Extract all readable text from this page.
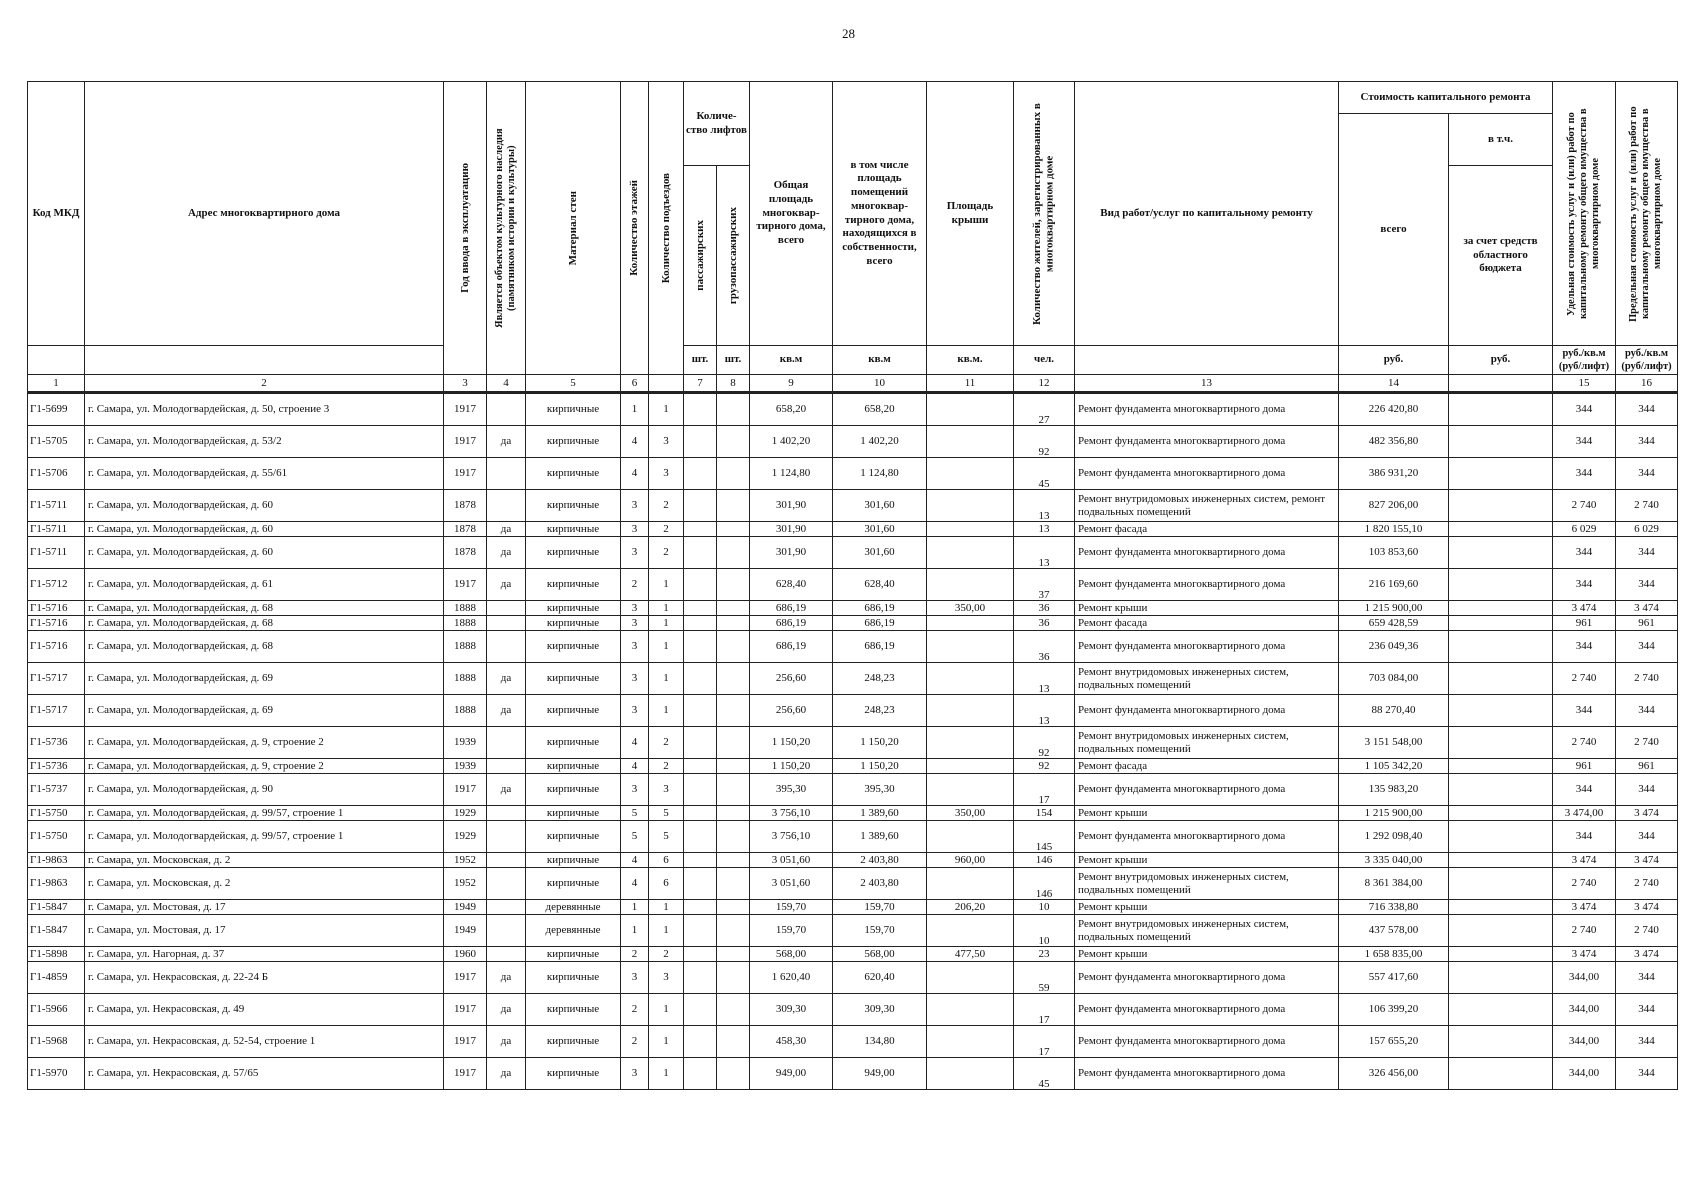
28
Код МКД	Адрес многоквартирного дома	Год ввода в эксплуатацию	Является объектом культурного наследия (памятником истории и культуры)	Материал стен	Количество этажей	Количество подъездов	Количе-ство лифтов		Общая площадь многоквар-тирного дома, всего	в том числе площадь помещений многоквар-тирного дома, находящихся в собственности, всего	Площадь крыши	Количество жителей, зарегистрированных в многоквартирном доме	Вид работ/услуг по капитальному ремонту	Стоимость капитального ремонта		Удельная стоимость услуг и (или) работ по капитальному ремонту общего имущества в многоквартирном доме	Предельная стоимость услуг и (или) работ по капитальному ремонту общего имущества в многоквартирном доме

														всего	в т.ч.		

							пассажирских	грузопассажирских							за счет средств областного бюджета		
							шт.	шт.	кв.м	кв.м	кв.м.	чел.		руб.	руб.	руб./кв.м (руб/лифт)	руб./кв.м (руб/лифт)
1	2	3	4	5	6		7	8	9	10	11	12	13	14		15	16
Г1-5699	г. Самара, ул. Молодогвардейская, д. 50, строение 3	1917		кирпичные	1	1			658,20	658,20		27	Ремонт фундамента многоквартирного дома	226 420,80		344	344
Г1-5705	г. Самара, ул. Молодогвардейская, д. 53/2	1917	да	кирпичные	4	3			1 402,20	1 402,20		92	Ремонт фундамента многоквартирного дома	482 356,80		344	344
Г1-5706	г. Самара, ул. Молодогвардейская, д. 55/61	1917		кирпичные	4	3			1 124,80	1 124,80		45	Ремонт фундамента многоквартирного дома	386 931,20		344	344
Г1-5711	г. Самара, ул. Молодогвардейская, д. 60	1878		кирпичные	3	2			301,90	301,60		13	Ремонт внутридомовых инженерных систем, ремонт подвальных помещений	827 206,00		2 740	2 740
Г1-5711	г. Самара, ул. Молодогвардейская, д. 60	1878	да	кирпичные	3	2			301,90	301,60		13	Ремонт фасада	1 820 155,10		6 029	6 029
Г1-5711	г. Самара, ул. Молодогвардейская, д. 60	1878	да	кирпичные	3	2			301,90	301,60		13	Ремонт фундамента многоквартирного дома	103 853,60		344	344
Г1-5712	г. Самара, ул. Молодогвардейская, д. 61	1917	да	кирпичные	2	1			628,40	628,40		37	Ремонт фундамента многоквартирного дома	216 169,60		344	344
Г1-5716	г. Самара, ул. Молодогвардейская, д. 68	1888		кирпичные	3	1			686,19	686,19	350,00	36	Ремонт крыши	1 215 900,00		3 474	3 474
Г1-5716	г. Самара, ул. Молодогвардейская, д. 68	1888		кирпичные	3	1			686,19	686,19		36	Ремонт фасада	659 428,59		961	961
Г1-5716	г. Самара, ул. Молодогвардейская, д. 68	1888		кирпичные	3	1			686,19	686,19		36	Ремонт фундамента многоквартирного дома	236 049,36		344	344
Г1-5717	г. Самара, ул. Молодогвардейская, д. 69	1888	да	кирпичные	3	1			256,60	248,23		13	Ремонт внутридомовых инженерных систем, подвальных помещений	703 084,00		2 740	2 740
Г1-5717	г. Самара, ул. Молодогвардейская, д. 69	1888	да	кирпичные	3	1			256,60	248,23		13	Ремонт фундамента многоквартирного дома	88 270,40		344	344
Г1-5736	г. Самара, ул. Молодогвардейская, д. 9, строение 2	1939		кирпичные	4	2			1 150,20	1 150,20		92	Ремонт внутридомовых инженерных систем, подвальных помещений	3 151 548,00		2 740	2 740
Г1-5736	г. Самара, ул. Молодогвардейская, д. 9, строение 2	1939		кирпичные	4	2			1 150,20	1 150,20		92	Ремонт фасада	1 105 342,20		961	961
Г1-5737	г. Самара, ул. Молодогвардейская, д. 90	1917	да	кирпичные	3	3			395,30	395,30		17	Ремонт фундамента многоквартирного дома	135 983,20		344	344
Г1-5750	г. Самара, ул. Молодогвардейская, д. 99/57, строение 1	1929		кирпичные	5	5			3 756,10	1 389,60	350,00	154	Ремонт крыши	1 215 900,00		3 474,00	3 474
Г1-5750	г. Самара, ул. Молодогвардейская, д. 99/57, строение 1	1929		кирпичные	5	5			3 756,10	1 389,60		145	Ремонт фундамента многоквартирного дома	1 292 098,40		344	344
Г1-9863	г. Самара, ул. Московская, д. 2	1952		кирпичные	4	6			3 051,60	2 403,80	960,00	146	Ремонт крыши	3 335 040,00		3 474	3 474
Г1-9863	г. Самара, ул. Московская, д. 2	1952		кирпичные	4	6			3 051,60	2 403,80		146	Ремонт внутридомовых инженерных систем, подвальных помещений	8 361 384,00		2 740	2 740
Г1-5847	г. Самара, ул. Мостовая, д. 17	1949		деревянные	1	1			159,70	159,70	206,20	10	Ремонт крыши	716 338,80		3 474	3 474
Г1-5847	г. Самара, ул. Мостовая, д. 17	1949		деревянные	1	1			159,70	159,70		10	Ремонт внутридомовых инженерных систем, подвальных помещений	437 578,00		2 740	2 740
Г1-5898	г. Самара, ул. Нагорная, д. 37	1960		кирпичные	2	2			568,00	568,00	477,50	23	Ремонт крыши	1 658 835,00		3 474	3 474
Г1-4859	г. Самара, ул. Некрасовская, д. 22-24 Б	1917	да	кирпичные	3	3			1 620,40	620,40		59	Ремонт фундамента многоквартирного дома	557 417,60		344,00	344
Г1-5966	г. Самара, ул. Некрасовская, д. 49	1917	да	кирпичные	2	1			309,30	309,30		17	Ремонт фундамента многоквартирного дома	106 399,20		344,00	344
Г1-5968	г. Самара, ул. Некрасовская, д. 52-54, строение 1	1917	да	кирпичные	2	1			458,30	134,80		17	Ремонт фундамента многоквартирного дома	157 655,20		344,00	344
Г1-5970	г. Самара, ул. Некрасовская, д. 57/65	1917	да	кирпичные	3	1			949,00	949,00		45	Ремонт фундамента многоквартирного дома	326 456,00		344,00	344
